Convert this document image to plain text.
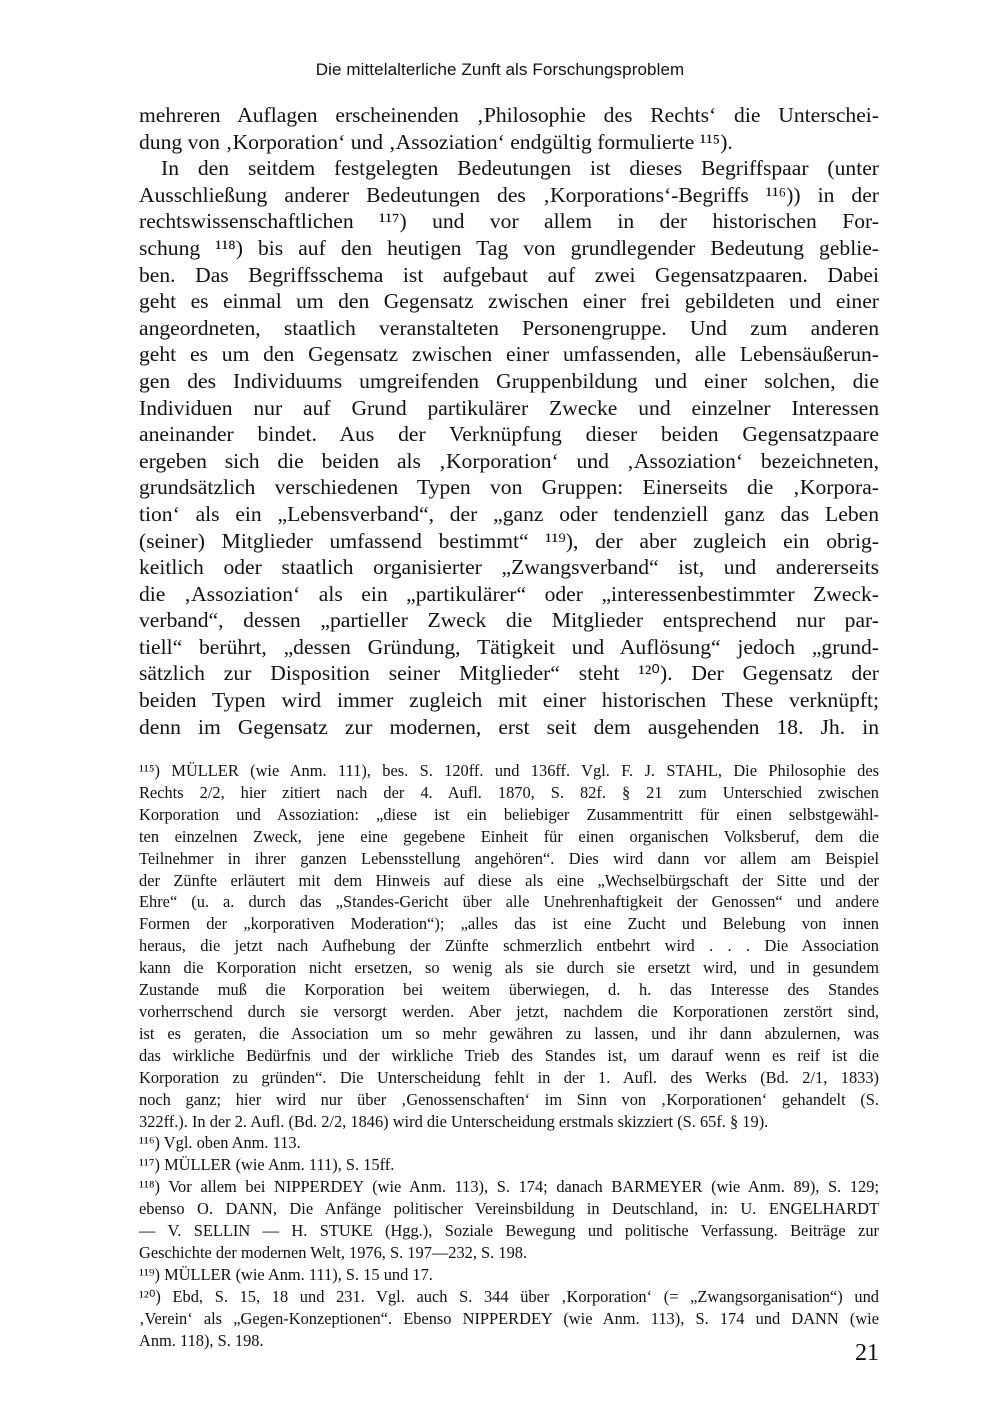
Die mittelalterliche Zunft als Forschungsproblem
mehreren Auflagen erscheinenden ‚Philosophie des Rechts‘ die Unterschei-
dung von ‚Korporation‘ und ‚Assoziation‘ endgültig formulierte ¹¹⁵).
In den seitdem festgelegten Bedeutungen ist dieses Begriffspaar (unter
Ausschließung anderer Bedeutungen des ‚Korporations‘-Begriffs ¹¹⁶)) in der
rechtswissenschaftlichen ¹¹⁷) und vor allem in der historischen For-
schung ¹¹⁸) bis auf den heutigen Tag von grundlegender Bedeutung geblie-
ben. Das Begriffsschema ist aufgebaut auf zwei Gegensatzpaaren. Dabei
geht es einmal um den Gegensatz zwischen einer frei gebildeten und einer
angeordneten, staatlich veranstalteten Personengruppe. Und zum anderen
geht es um den Gegensatz zwischen einer umfassenden, alle Lebensäußerun-
gen des Individuums umgreifenden Gruppenbildung und einer solchen, die
Individuen nur auf Grund partikulärer Zwecke und einzelner Interessen
aneinander bindet. Aus der Verknüpfung dieser beiden Gegensatzpaare
ergeben sich die beiden als ‚Korporation‘ und ‚Assoziation‘ bezeichneten,
grundsätzlich verschiedenen Typen von Gruppen: Einerseits die ‚Korpora-
tion‘ als ein „Lebensverband“, der „ganz oder tendenziell ganz das Leben
(seiner) Mitglieder umfassend bestimmt“ ¹¹⁹), der aber zugleich ein obrig-
keitlich oder staatlich organisierter „Zwangsverband“ ist, und andererseits
die ‚Assoziation‘ als ein „partikulärer“ oder „interessenbestimmter Zweck-
verband“, dessen „partieller Zweck die Mitglieder entsprechend nur par-
tiell“ berührt, „dessen Gründung, Tätigkeit und Auflösung“ jedoch „grund-
sätzlich zur Disposition seiner Mitglieder“ steht ¹²⁰). Der Gegensatz der
beiden Typen wird immer zugleich mit einer historischen These verknüpft;
denn im Gegensatz zur modernen, erst seit dem ausgehenden 18. Jh. in
¹¹⁵) MÜLLER (wie Anm. 111), bes. S. 120ff. und 136ff. Vgl. F. J. STAHL, Die Philosophie des
Rechts 2/2, hier zitiert nach der 4. Aufl. 1870, S. 82f. § 21 zum Unterschied zwischen
Korporation und Assoziation: „diese ist ein beliebiger Zusammentritt für einen selbstgewähl-
ten einzelnen Zweck, jene eine gegebene Einheit für einen organischen Volksberuf, dem die
Teilnehmer in ihrer ganzen Lebensstellung angehören“. Dies wird dann vor allem am Beispiel
der Zünfte erläutert mit dem Hinweis auf diese als eine „Wechselbürgschaft der Sitte und der
Ehre“ (u. a. durch das „Standes-Gericht über alle Unehrenhaftigkeit der Genossen“ und andere
Formen der „korporativen Moderation“); „alles das ist eine Zucht und Belebung von innen
heraus, die jetzt nach Aufhebung der Zünfte schmerzlich entbehrt wird . . . Die Association
kann die Korporation nicht ersetzen, so wenig als sie durch sie ersetzt wird, und in gesundem
Zustande muß die Korporation bei weitem überwiegen, d. h. das Interesse des Standes
vorherrschend durch sie versorgt werden. Aber jetzt, nachdem die Korporationen zerstört sind,
ist es geraten, die Association um so mehr gewähren zu lassen, und ihr dann abzulernen, was
das wirkliche Bedürfnis und der wirkliche Trieb des Standes ist, um darauf wenn es reif ist die
Korporation zu gründen“. Die Unterscheidung fehlt in der 1. Aufl. des Werks (Bd. 2/1, 1833)
noch ganz; hier wird nur über ‚Genossenschaften‘ im Sinn von ‚Korporationen‘ gehandelt (S.
322ff.). In der 2. Aufl. (Bd. 2/2, 1846) wird die Unterscheidung erstmals skizziert (S. 65f. § 19).
¹¹⁶) Vgl. oben Anm. 113.
¹¹⁷) MÜLLER (wie Anm. 111), S. 15ff.
¹¹⁸) Vor allem bei NIPPERDEY (wie Anm. 113), S. 174; danach BARMEYER (wie Anm. 89), S. 129;
ebenso O. DANN, Die Anfänge politischer Vereinsbildung in Deutschland, in: U. ENGELHARDT
— V. SELLIN — H. STUKE (Hgg.), Soziale Bewegung und politische Verfassung. Beiträge zur
Geschichte der modernen Welt, 1976, S. 197—232, S. 198.
¹¹⁹) MÜLLER (wie Anm. 111), S. 15 und 17.
¹²⁰) Ebd, S. 15, 18 und 231. Vgl. auch S. 344 über ‚Korporation‘ (= „Zwangsorganisation“) und
‚Verein‘ als „Gegen-Konzeptionen“. Ebenso NIPPERDEY (wie Anm. 113), S. 174 und DANN (wie
Anm. 118), S. 198.	21
